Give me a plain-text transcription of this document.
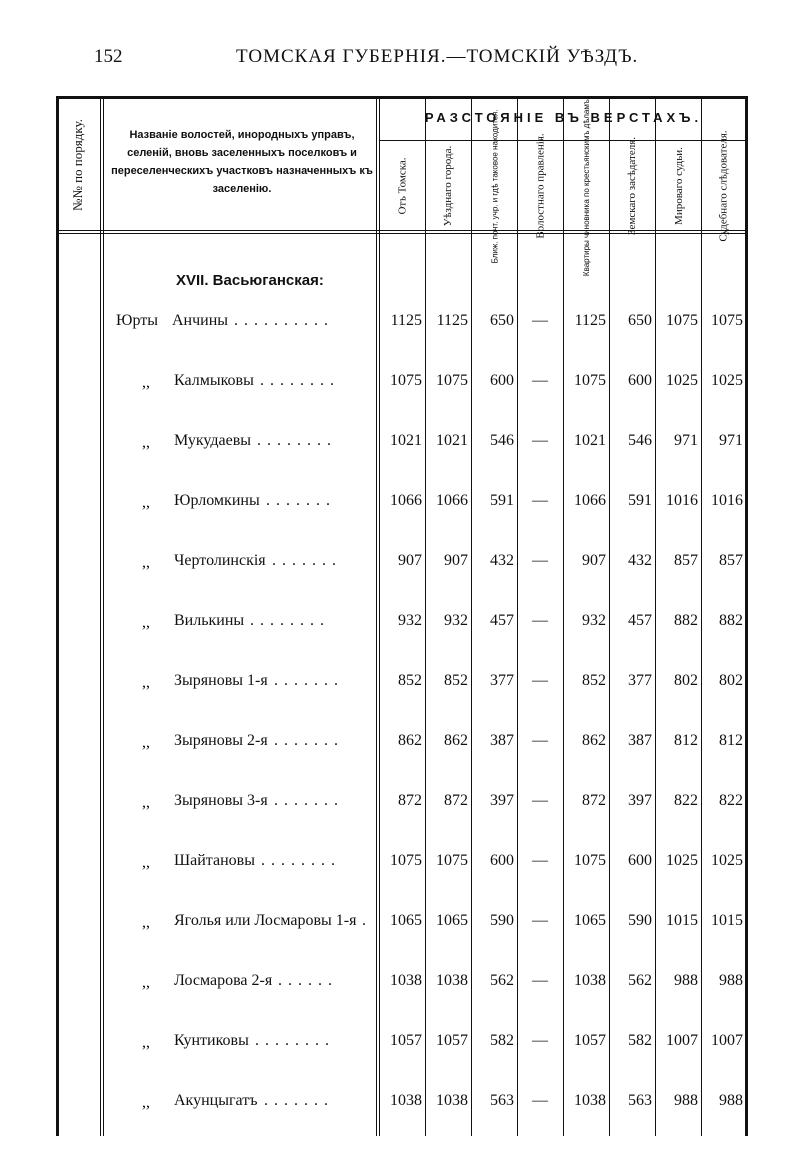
152	ТОМСКАЯ ГУБЕРНІЯ.—ТОМСКІЙ УѢЗДЪ.
№№ по порядку.	Названіе волостей, инородныхъ управъ, селеній, вновь заселенныхъ поселковъ и переселенческихъ участковъ назначенныхъ къ заселенію.
РАЗСТОЯНІЕ ВЪ ВЕРСТАХЪ.
Отъ Томска.	Уѣзднаго города.	Ближ. почт. учр. и гдѣ таковое находится.	Волостнаго правленія.	Квартиры чиновника по крестьянскимъ дѣламъ.	Земскаго засѣдателя.	Мироваго судьи.	Судебнаго слѣдователя.
XVII. Васьюганская:
Юрты Анчины ..........	1125 1125 650	—	1125 650 1075 1075
,, Калмыковы ........	1075 1075 600	—	1075 600 1025 1025
,, Мукудаевы ........	1021 1021 546	—	1021 546 971 971
,, Юрломкины .......	1066 1066 591	—	1066 591 1016 1016
,, Чертолинскія .......	907 907 432	—	907 432 857 857
,, Вилькины ........	932 932 457	—	932 457 882 882
,, Зыряновы 1-я .......	852 852 377	—	852 377 802 802
,, Зыряновы 2-я .......	862 862 387	—	862 387 812 812
,, Зыряновы 3-я .......	872 872 397	—	872 397 822 822
,, Шайтановы ........	1075 1075 600	—	1075 600 1025 1025
,, Яголья или Лосмаровы 1-я . 1065 1065 590	—	1065 590 1015 1015
,, Лосмарова 2-я ......	1038 1038 562	—	1038 562 988 988
,, Кунтиковы ........	1057 1057 582	—	1057 582 1007 1007
,, Акунцыгатъ .......	1038 1038 563	—	1038 563 988 988
